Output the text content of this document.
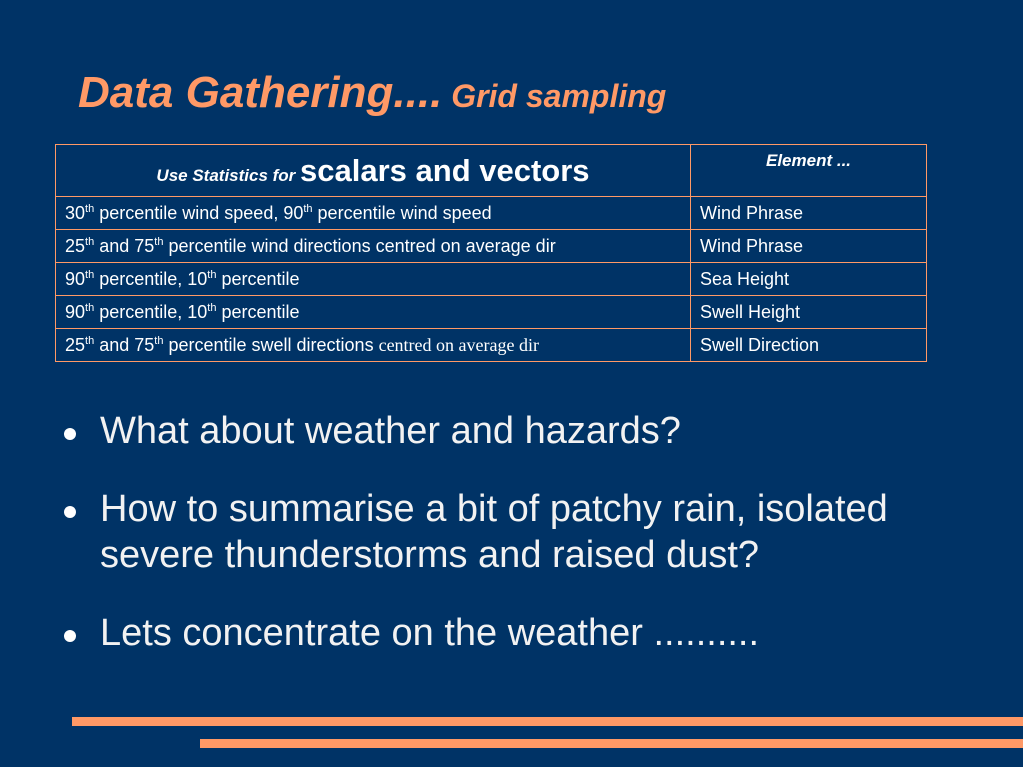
Data Gathering.... Grid sampling
Use Statistics for scalars and vectors	Element ...
30th percentile wind speed, 90th percentile wind speed	Wind Phrase
25th and 75th percentile wind directions centred on average dir	Wind Phrase
90th percentile, 10th percentile	Sea Height
90th percentile, 10th percentile	Swell Height
25th and 75th percentile swell directions centred on average dir	Swell Direction
What about weather and hazards?
How to summarise a bit of patchy rain, isolated severe thunderstorms and raised dust?
Lets concentrate on the weather ..........
